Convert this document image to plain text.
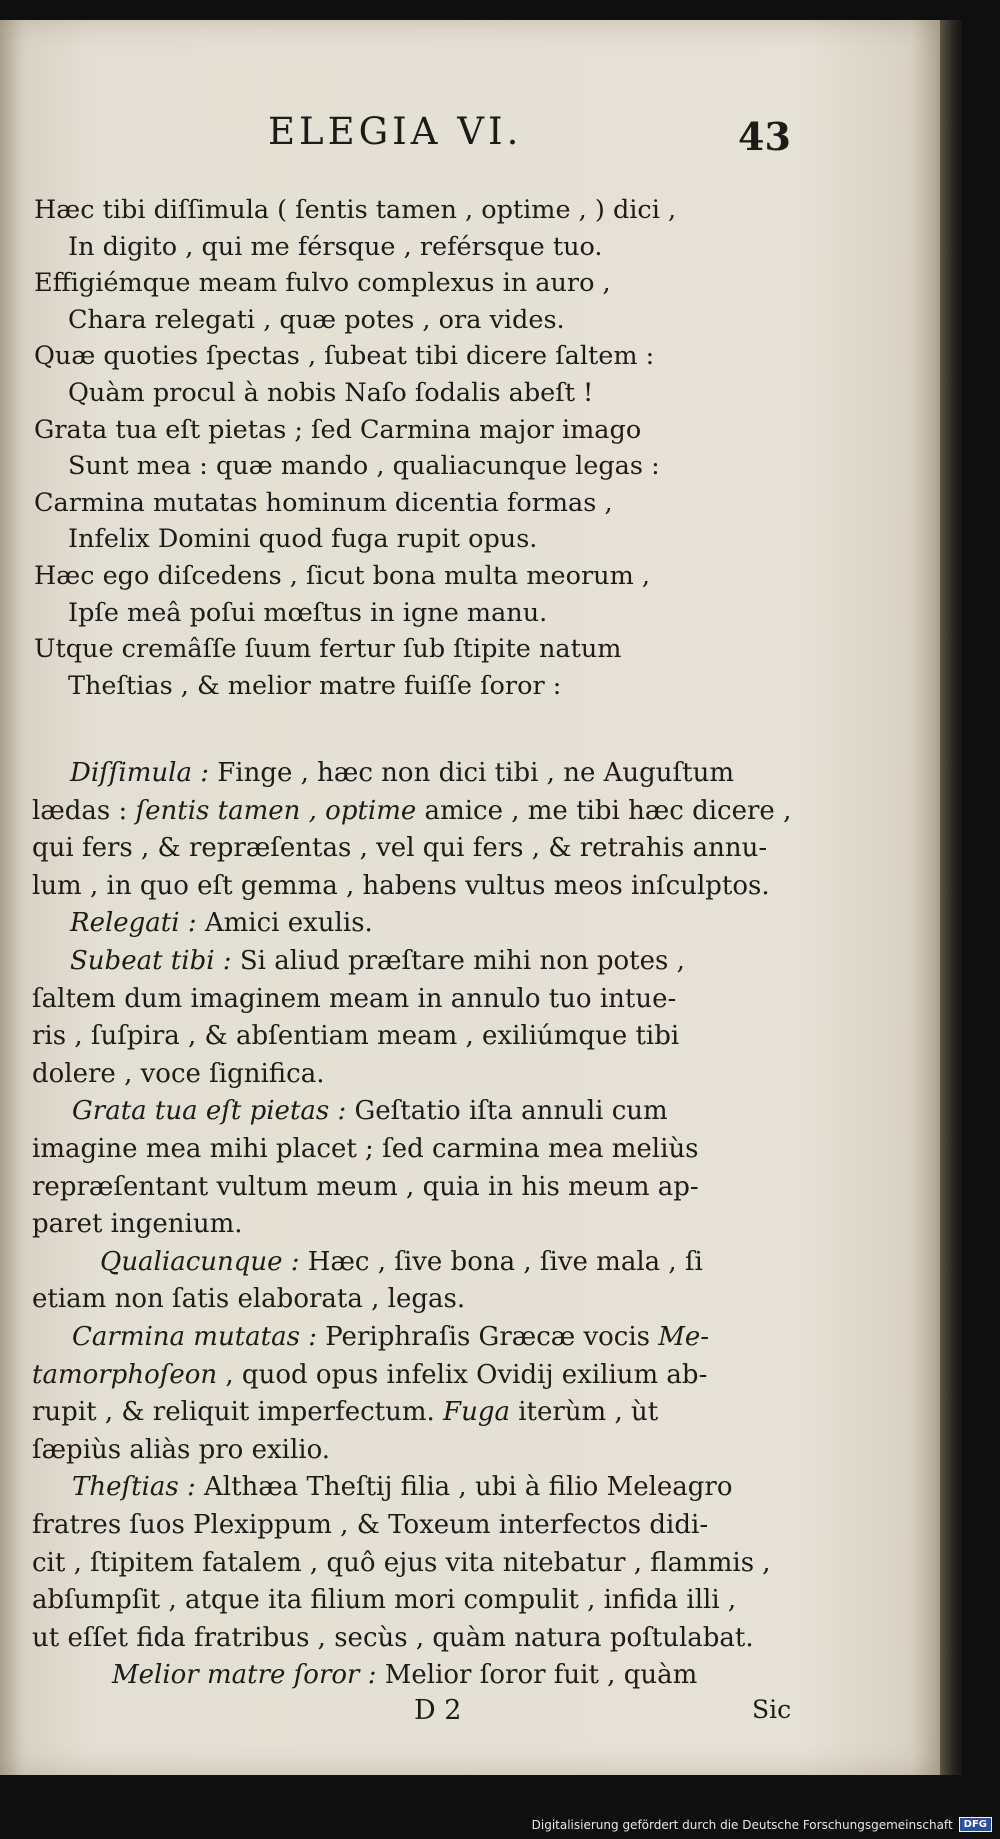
ELEGIA VI.	43
Hæc tibi diſſimula ( ſentis tamen , optime , ) dici ,
In digito , qui me férsque , reférsque tuo.
Effigiémque meam fulvo complexus in auro ,
Chara relegati , quæ potes , ora vides.
Quæ quoties ſpectas , ſubeat tibi dicere ſaltem :
Quàm procul à nobis Naſo ſodalis abeſt !
Grata tua eſt pietas ; ſed Carmina major imago
Sunt mea : quæ mando , qualiacunque legas :
Carmina mutatas hominum dicentia formas ,
Infelix Domini quod fuga rupit opus.
Hæc ego diſcedens , ſicut bona multa meorum ,
Ipſe meâ poſui mœſtus in igne manu.
Utque cremâſſe ſuum fertur ſub ſtipite natum
Theſtias , & melior matre fuiſſe ſoror :
Diſſimula : Finge , hæc non dici tibi , ne Auguſtum
lædas : ſentis tamen , optime amice , me tibi hæc dicere ,
qui fers , & repræſentas , vel qui fers , & retrahis annu-
lum , in quo eſt gemma , habens vultus meos inſculptos.
Relegati : Amici exulis.
Subeat tibi : Si aliud præſtare mihi non potes ,
ſaltem dum imaginem meam in annulo tuo intue-
ris , ſuſpira , & abſentiam meam , exiliúmque tibi
dolere , voce ſignifica.
Grata tua eſt pietas : Geſtatio iſta annuli cum
imagine mea mihi placet ; ſed carmina mea meliùs
repræſentant vultum meum , quia in his meum ap-
paret ingenium.
Qualiacunque : Hæc , ſive bona , ſive mala , ſi
etiam non ſatis elaborata , legas.
Carmina mutatas : Periphraſis Græcæ vocis Me-
tamorphoſeon , quod opus infelix Ovidij exilium ab-
rupit , & reliquit imperfectum. Fuga iterùm , ùt
ſæpiùs aliàs pro exilio.
Theſtias : Althæa Theſtij filia , ubi à filio Meleagro
fratres ſuos Plexippum , & Toxeum interfectos didi-
cit , ſtipitem fatalem , quô ejus vita nitebatur , flammis ,
abſumpſit , atque ita filium mori compulit , infida illi ,
ut eſſet fida fratribus , secùs , quàm natura poſtulabat.
Melior matre ſoror : Melior ſoror fuit , quàm
D 2	Sic
Digitalisierung gefördert durch die Deutsche Forschungsgemeinschaft	DFG
